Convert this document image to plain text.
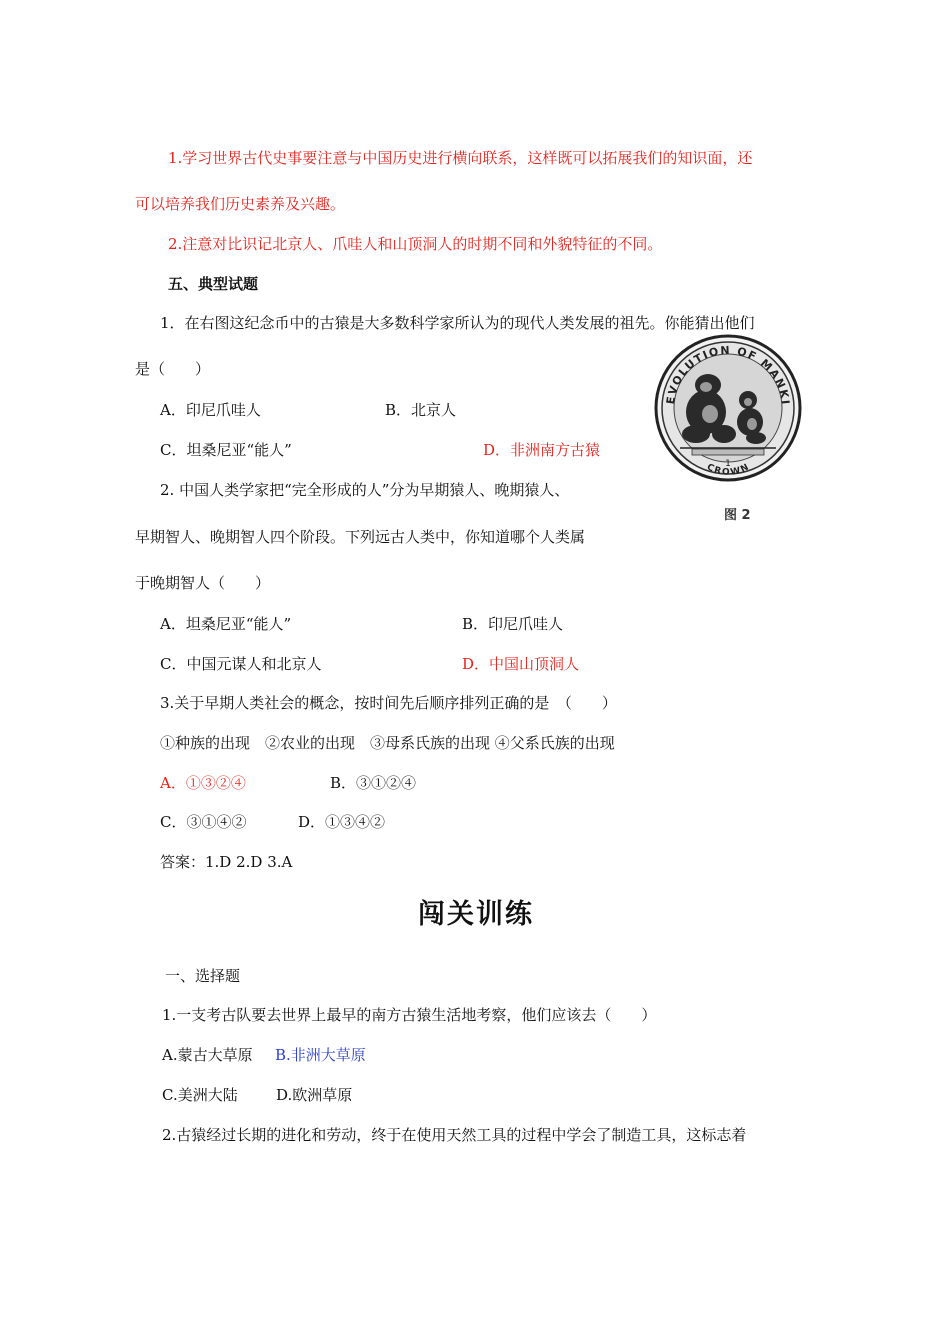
1.学习世界古代史事要注意与中国历史进行横向联系，这样既可以拓展我们的知识面，还
可以培养我们历史素养及兴趣。
2.注意对比识记北京人、爪哇人和山顶洞人的时期不同和外貌特征的不同。
五、典型试题
1．在右图这纪念币中的古猿是大多数科学家所认为的现代人类发展的祖先。你能猜出他们
是（　　）
A．印尼爪哇人	B．北京人
C．坦桑尼亚“能人”	D．非洲南方古猿
EVOLUTION OF MANKI
1
CROWN
图 2
2. 中国人类学家把“完全形成的人”分为早期猿人、晚期猿人、
早期智人、晚期智人四个阶段。下列远古人类中，你知道哪个人类属
于晚期智人（　　）
A．坦桑尼亚“能人”	B．印尼爪哇人
C．中国元谋人和北京人	D．中国山顶洞人
3.关于早期人类社会的概念，按时间先后顺序排列正确的是　（　　）
①种族的出现　②农业的出现　③母系氏族的出现 ④父系氏族的出现
A．①③②④	B．③①②④
C．③①④②	D．①③④②
答案：1.D 2.D 3.A
闯关训练
一、选择题
1.一支考古队要去世界上最早的南方古猿生活地考察，他们应该去（　　）
A.蒙古大草原 B.非洲大草原
C.美洲大陆	D.欧洲草原
2.古猿经过长期的进化和劳动，终于在使用天然工具的过程中学会了制造工具，这标志着
